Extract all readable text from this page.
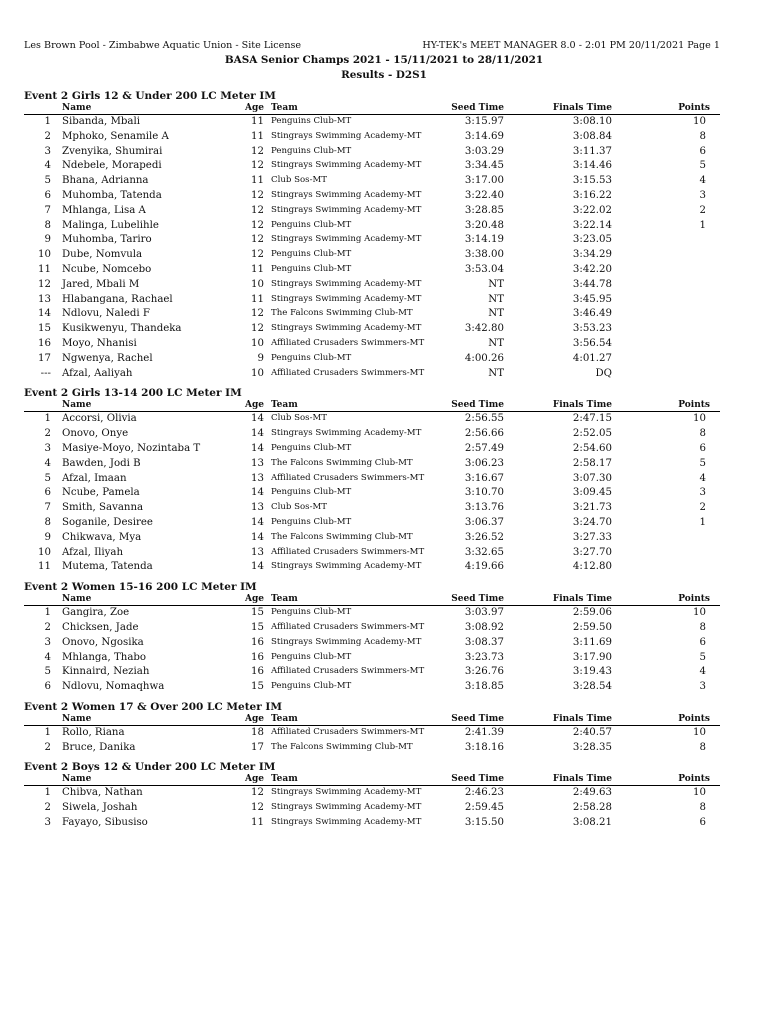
Les Brown Pool - Zimbabwe Aquatic Union - Site License	HY-TEK's MEET MANAGER 8.0 - 2:01 PM 20/11/2021 Page 1
BASA Senior Champs 2021 - 15/11/2021 to 28/11/2021
Results - D2S1
Event 2 Girls 12 & Under 200 LC Meter IM
Name	Age Team	Seed Time	Finals Time	Points
1 Sibanda, Mbali	11 Penguins Club-MT	3:15.97	3:08.10	10
2 Mphoko, Senamile A	11 Stingrays Swimming Academy-MT	3:14.69	3:08.84	8
3 Zvenyika, Shumirai	12 Penguins Club-MT	3:03.29	3:11.37	6
4 Ndebele, Morapedi	12 Stingrays Swimming Academy-MT	3:34.45	3:14.46	5
5 Bhana, Adrianna	11 Club Sos-MT	3:17.00	3:15.53	4
6 Muhomba, Tatenda	12 Stingrays Swimming Academy-MT	3:22.40	3:16.22	3
7 Mhlanga, Lisa A	12 Stingrays Swimming Academy-MT	3:28.85	3:22.02	2
8 Malinga, Lubelihle	12 Penguins Club-MT	3:20.48	3:22.14	1
9 Muhomba, Tariro	12 Stingrays Swimming Academy-MT	3:14.19	3:23.05
10 Dube, Nomvula	12 Penguins Club-MT	3:38.00	3:34.29
11 Ncube, Nomcebo	11 Penguins Club-MT	3:53.04	3:42.20
12 Jared, Mbali M	10 Stingrays Swimming Academy-MT	NT	3:44.78
13 Hlabangana, Rachael	11 Stingrays Swimming Academy-MT	NT	3:45.95
14 Ndlovu, Naledi F	12 The Falcons Swimming Club-MT	NT	3:46.49
15 Kusikwenyu, Thandeka	12 Stingrays Swimming Academy-MT	3:42.80	3:53.23
16 Moyo, Nhanisi	10 Affiliated Crusaders Swimmers-MT	NT	3:56.54
17 Ngwenya, Rachel	9 Penguins Club-MT	4:00.26	4:01.27
--- Afzal, Aaliyah	10 Affiliated Crusaders Swimmers-MT	NT	DQ
Event 2 Girls 13-14 200 LC Meter IM
Name	Age Team	Seed Time	Finals Time	Points
1 Accorsi, Olivia	14 Club Sos-MT	2:56.55	2:47.15	10
2 Onovo, Onye	14 Stingrays Swimming Academy-MT	2:56.66	2:52.05	8
3 Masiye-Moyo, Nozintaba T	14 Penguins Club-MT	2:57.49	2:54.60	6
4 Bawden, Jodi B	13 The Falcons Swimming Club-MT	3:06.23	2:58.17	5
5 Afzal, Imaan	13 Affiliated Crusaders Swimmers-MT	3:16.67	3:07.30	4
6 Ncube, Pamela	14 Penguins Club-MT	3:10.70	3:09.45	3
7 Smith, Savanna	13 Club Sos-MT	3:13.76	3:21.73	2
8 Soganile, Desiree	14 Penguins Club-MT	3:06.37	3:24.70	1
9 Chikwava, Mya	14 The Falcons Swimming Club-MT	3:26.52	3:27.33
10 Afzal, Iliyah	13 Affiliated Crusaders Swimmers-MT	3:32.65	3:27.70
11 Mutema, Tatenda	14 Stingrays Swimming Academy-MT	4:19.66	4:12.80
Event 2 Women 15-16 200 LC Meter IM
Name	Age Team	Seed Time	Finals Time	Points
1 Gangira, Zoe	15 Penguins Club-MT	3:03.97	2:59.06	10
2 Chicksen, Jade	15 Affiliated Crusaders Swimmers-MT	3:08.92	2:59.50	8
3 Onovo, Ngosika	16 Stingrays Swimming Academy-MT	3:08.37	3:11.69	6
4 Mhlanga, Thabo	16 Penguins Club-MT	3:23.73	3:17.90	5
5 Kinnaird, Neziah	16 Affiliated Crusaders Swimmers-MT	3:26.76	3:19.43	4
6 Ndlovu, Nomaqhwa	15 Penguins Club-MT	3:18.85	3:28.54	3
Event 2 Women 17 & Over 200 LC Meter IM
Name	Age Team	Seed Time	Finals Time	Points
1 Rollo, Riana	18 Affiliated Crusaders Swimmers-MT	2:41.39	2:40.57	10
2 Bruce, Danika	17 The Falcons Swimming Club-MT	3:18.16	3:28.35	8
Event 2 Boys 12 & Under 200 LC Meter IM
Name	Age Team	Seed Time	Finals Time	Points
1 Chibva, Nathan	12 Stingrays Swimming Academy-MT	2:46.23	2:49.63	10
2 Siwela, Joshah	12 Stingrays Swimming Academy-MT	2:59.45	2:58.28	8
3 Fayayo, Sibusiso	11 Stingrays Swimming Academy-MT	3:15.50	3:08.21	6
